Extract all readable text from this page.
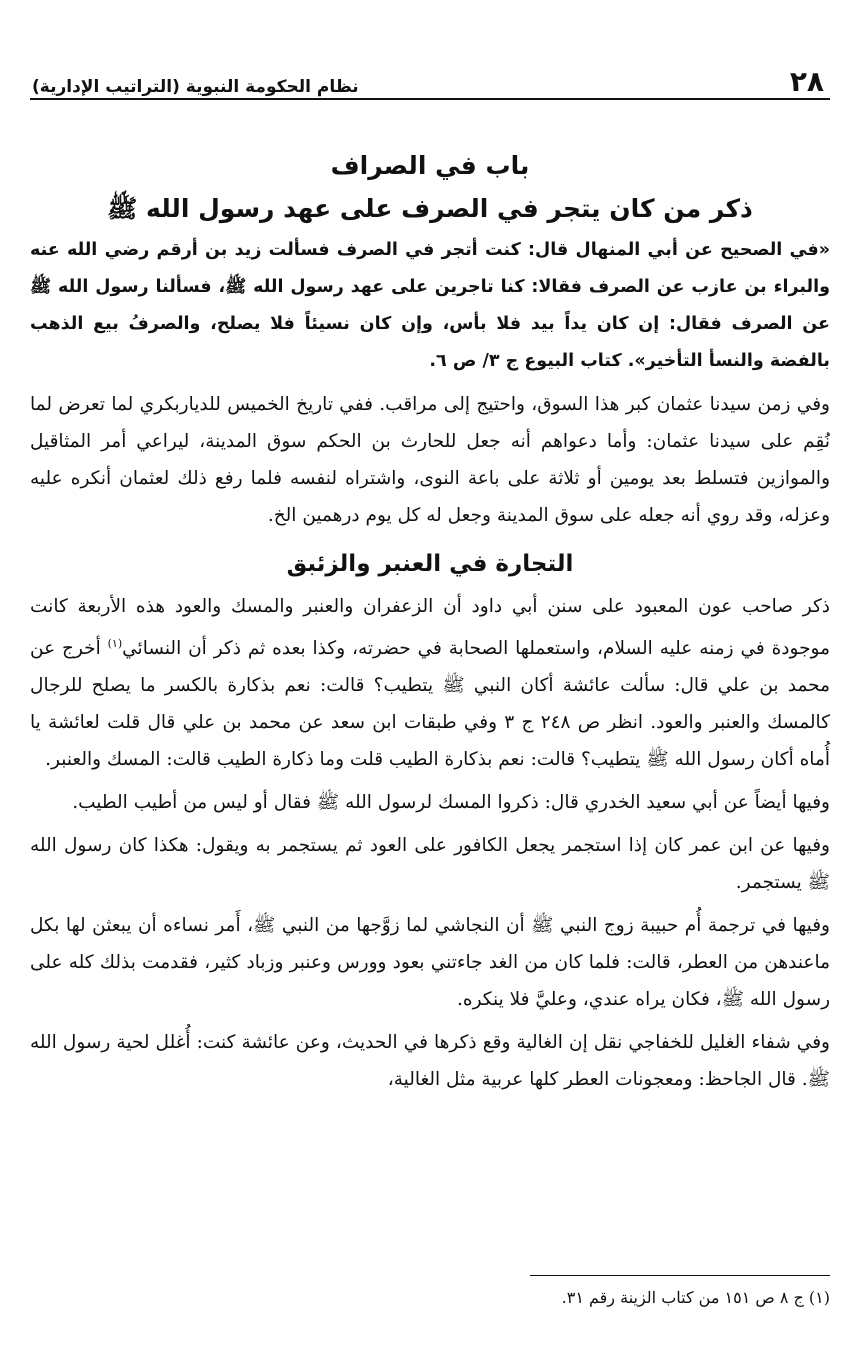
٢٨
نظام الحكومة النبوية (التراتيب الإدارية)
باب في الصراف
ذكر من كان يتجر في الصرف على عهد رسول الله ﷺ

«في الصحيح عن أبي المنهال قال: كنت أتجر في الصرف فسألت زيد بن أرقم رضي الله عنه والبراء بن عازب عن الصرف فقالا: كنا تاجرين على عهد رسول الله ﷺ، فسألنا رسول الله ﷺ عن الصرف فقال: إن كان يداً بيد فلا بأس، وإن كان نسيئاً فلا يصلح، والصرفُ بيع الذهب بالفضة والنسأ التأخير». كتاب البيوع ج ٣/ ص ٦.

وفي زمن سيدنا عثمان كبر هذا السوق، واحتيج إلى مراقب. ففي تاريخ الخميس للدياربكري لما تعرض لما نُقِم على سيدنا عثمان: وأما دعواهم أنه جعل للحارث بن الحكم سوق المدينة، ليراعي أمر المثاقيل والموازين فتسلط بعد يومين أو ثلاثة على باعة النوى، واشتراه لنفسه فلما رفع ذلك لعثمان أنكره عليه وعزله، وقد روي أنه جعله على سوق المدينة وجعل له كل يوم درهمين الخ.

التجارة في العنبر والزئبق

ذكر صاحب عون المعبود على سنن أبي داود أن الزعفران والعنبر والمسك والعود هذه الأربعة كانت موجودة في زمنه عليه السلام، واستعملها الصحابة في حضرته، وكذا بعده ثم ذكر أن النسائي$^{(١)}$ أخرج عن محمد بن علي قال: سألت عائشة أكان النبي ﷺ يتطيب؟ قالت: نعم بذكارة بالكسر ما يصلح للرجال كالمسك والعنبر والعود. انظر ص ٢٤٨ ج ٣ وفي طبقات ابن سعد عن محمد بن علي قال قلت لعائشة يا أُماه أكان رسول الله ﷺ يتطيب؟ قالت: نعم بذكارة الطيب قلت وما ذكارة الطيب قالت: المسك والعنبر.

وفيها أيضاً عن أبي سعيد الخدري قال: ذكروا المسك لرسول الله ﷺ فقال أو ليس من أطيب الطيب.

وفيها عن ابن عمر كان إذا استجمر يجعل الكافور على العود ثم يستجمر به ويقول: هكذا كان رسول الله ﷺ يستجمر.

وفيها في ترجمة أُم حبيبة زوج النبي ﷺ أن النجاشي لما زوَّجها من النبي ﷺ، أَمر نساءه أن يبعثن لها بكل ماعندهن من العطر، قالت: فلما كان من الغد جاءتني بعود وورس وعنبر وزباد كثير، فقدمت بذلك كله على رسول الله ﷺ، فكان يراه عندي، وعليَّ فلا ينكره.

وفي شفاء الغليل للخفاجي نقل إن الغالية وقع ذكرها في الحديث، وعن عائشة كنت: أُغلل لحية رسول الله ﷺ. قال الجاحظ: ومعجونات العطر كلها عربية مثل الغالية،

(١) ج ٨ ص ١٥١ من كتاب الزينة رقم ٣١.
